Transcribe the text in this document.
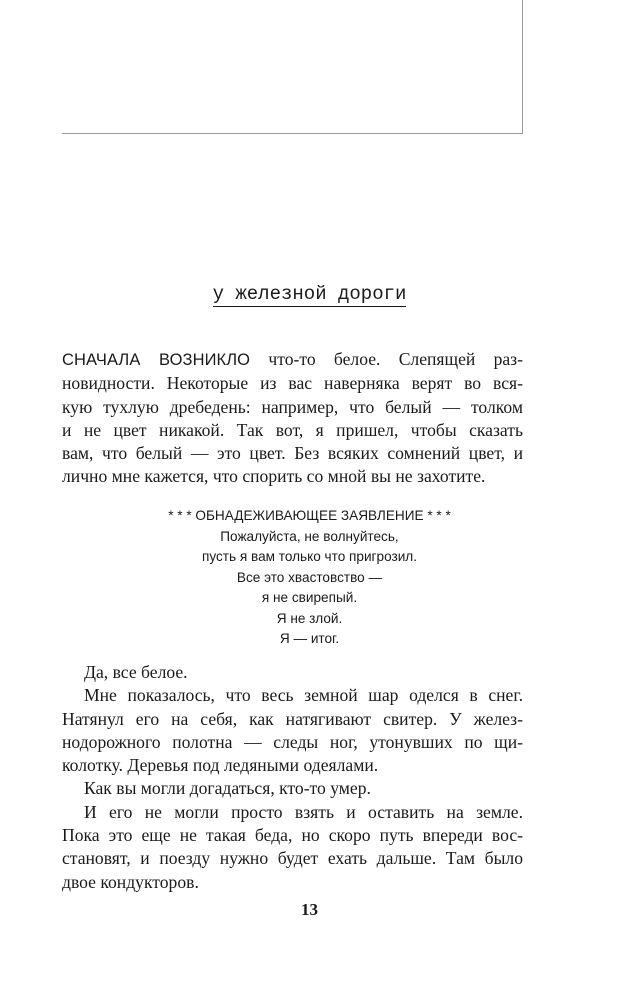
у железной дороги
СНАЧАЛА ВОЗНИКЛО что-то белое. Слепящей раз-
новидности. Некоторые из вас наверняка верят во вся-
кую тухлую дребедень: например, что белый — толком
и не цвет никакой. Так вот, я пришел, чтобы сказать
вам, что белый — это цвет. Без всяких сомнений цвет, и
лично мне кажется, что спорить со мной вы не захотите.
* * * ОБНАДЕЖИВАЮЩЕЕ ЗАЯВЛЕНИЕ * * *
Пожалуйста, не волнуйтесь,
пусть я вам только что пригрозил.
Все это хвастовство —
я не свирепый.
Я не злой.
Я — итог.
Да, все белое.
Мне показалось, что весь земной шар оделся в снег.
Натянул его на себя, как натягивают свитер. У желез-
нодорожного полотна — следы ног, утонувших по щи-
колотку. Деревья под ледяными одеялами.
Как вы могли догадаться, кто-то умер.
И его не могли просто взять и оставить на земле.
Пока это еще не такая беда, но скоро путь впереди вос-
становят, и поезду нужно будет ехать дальше. Там было
двое кондукторов.
13
